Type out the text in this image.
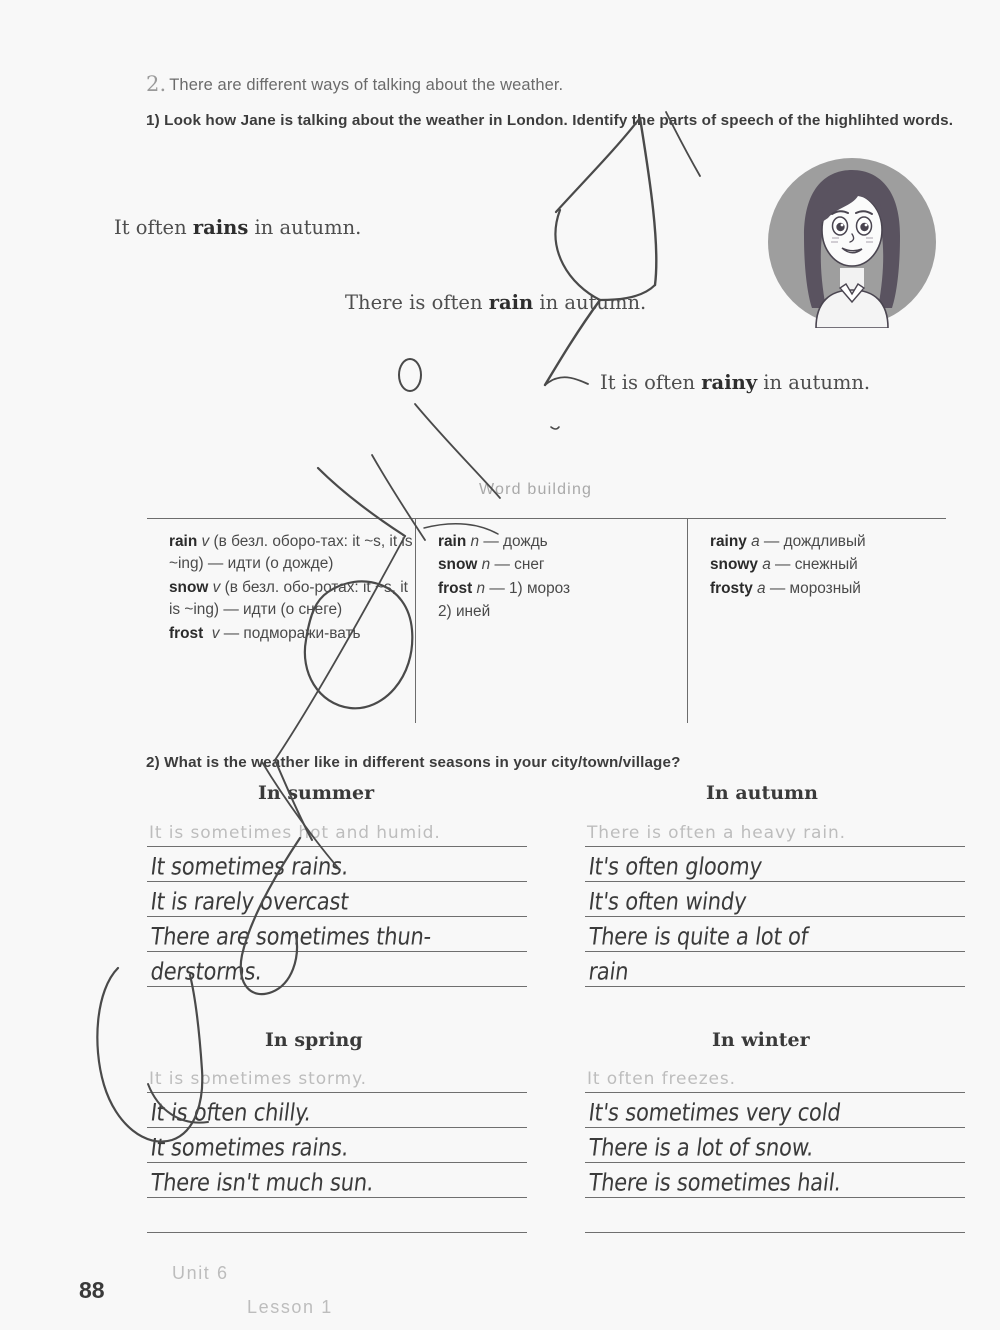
2. There are different ways of talking about the weather.
1) Look how Jane is talking about the weather in London. Identify the parts of speech of the highlihted words.
It often rains in autumn.
There is often rain in autumn.
It is often rainy in autumn.
Word building
rain v (в безл. оборо-тах: it ~s, it is ~ing) — идти (о дожде)
snow v (в безл. обо-ротах: it ~s, it is ~ing) — идти (о снеге)
frost v — подморажи-вать
rain n — дождь
snow n — снег
frost n — 1) мороз
2) иней
rainy a — дождливый
snowy a — снежный
frosty a — морозный
2) What is the weather like in different seasons in your city/town/village?
In summer
It is sometimes hot and humid.
It sometimes rains.
It is rarely overcast
There are sometimes thun-
derstorms.
In autumn
There is often a heavy rain.
It's often gloomy
It's often windy
There is quite a lot of
rain
In spring
It is sometimes stormy.
It is often chilly.
It sometimes rains.
There isn't much sun.
In winter
It often freezes.
It's sometimes very cold
There is a lot of snow.
There is sometimes hail.
88
Unit 6
Lesson 1
